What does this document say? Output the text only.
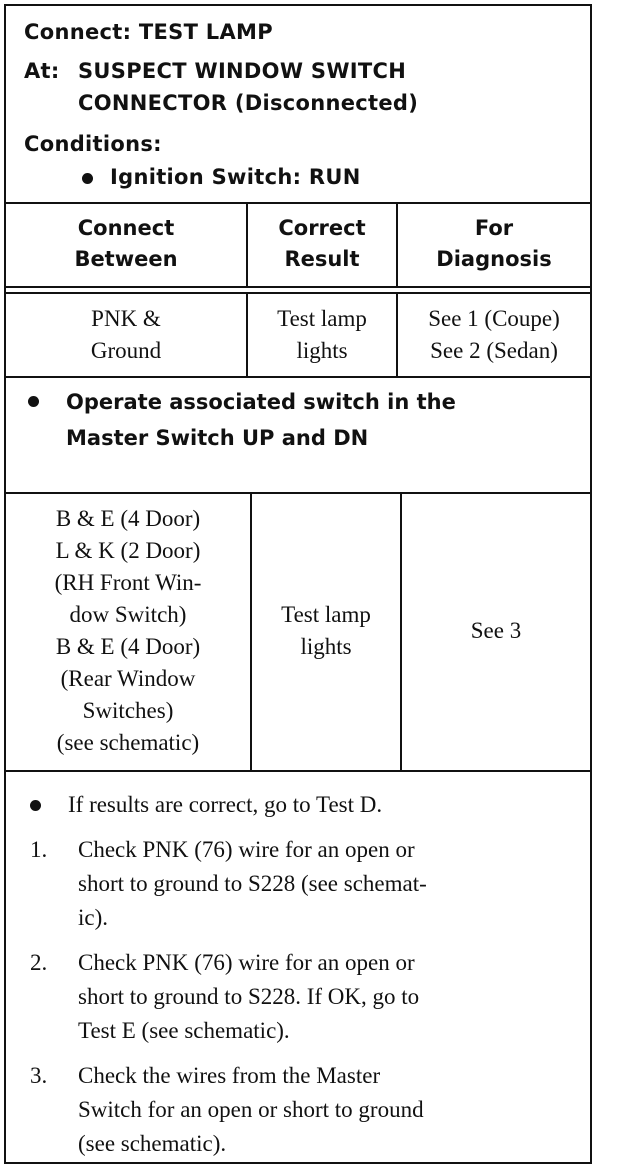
Connect: TEST LAMP
At: SUSPECT WINDOW SWITCH
CONNECTOR (Disconnected)
Conditions:
Ignition Switch: RUN
Connect
Between
Correct
Result
For
Diagnosis
PNK &
Ground
Test lamp
lights
See 1 (Coupe)
See 2 (Sedan)
Operate associated switch in the
Master Switch UP and DN
B & E (4 Door)
L & K (2 Door)
(RH Front Win-
dow Switch)
B & E (4 Door)
(Rear Window
Switches)
(see schematic)
Test lamp
lights
See 3
If results are correct, go to Test D.
1. Check PNK (76) wire for an open or
short to ground to S228 (see schemat-
ic).
2. Check PNK (76) wire for an open or
short to ground to S228. If OK, go to
Test E (see schematic).
3. Check the wires from the Master
Switch for an open or short to ground
(see schematic).
